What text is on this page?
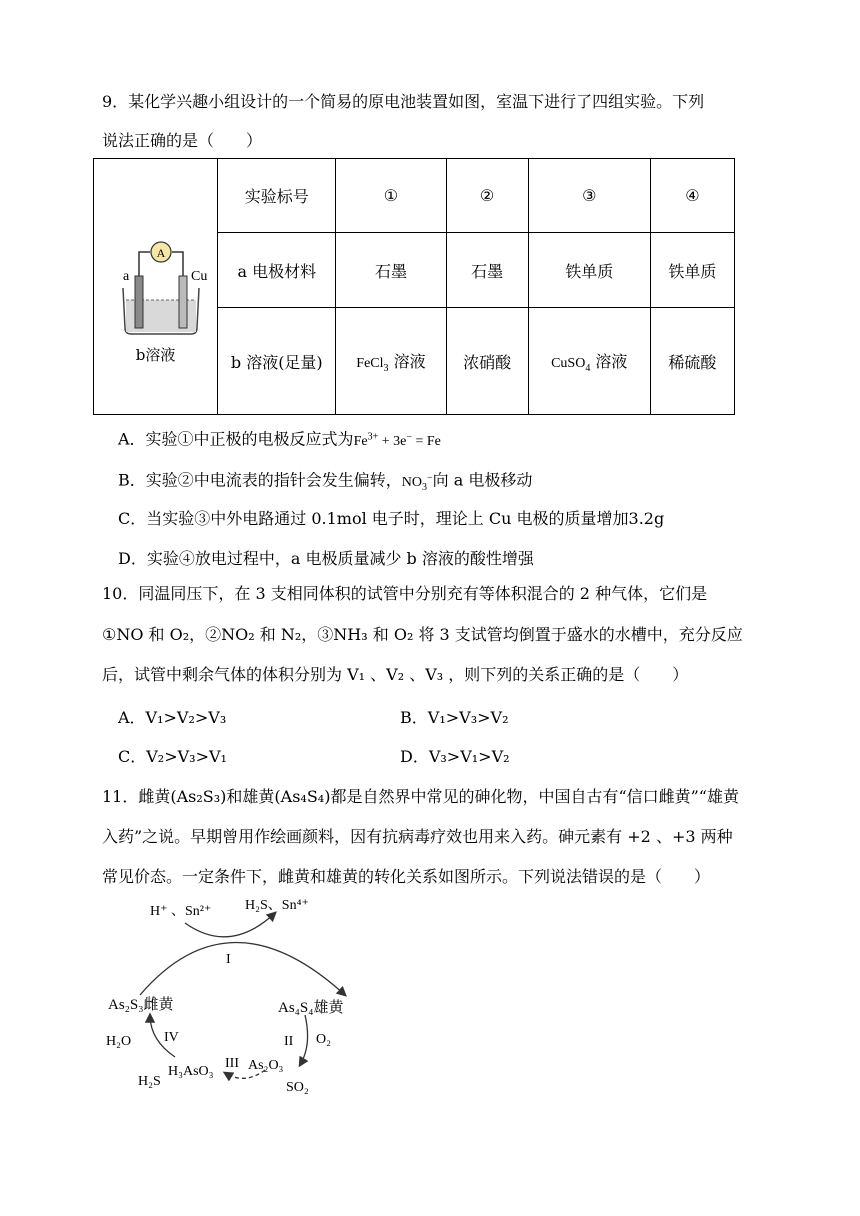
9．某化学兴趣小组设计的一个简易的原电池装置如图，室温下进行了四组实验。下列
说法正确的是（　　）
A
a Cu
b溶液	实验标号	①	②	③	④
	a 电极材料	石墨	石墨	铁单质	铁单质
	b 溶液(足量)	FeCl$_3$ 溶液	浓硝酸	CuSO$_4$ 溶液	稀硫酸
A．实验①中正极的电极反应式为$Fe^{3+} + 3e^- = Fe$
B．实验②中电流表的指针会发生偏转，$NO_3^-$向 a 电极移动
C．当实验③中外电路通过 0.1mol 电子时，理论上 Cu 电极的质量增加3.2g
D．实验④放电过程中，a 电极质量减少 b 溶液的酸性增强
10．同温同压下，在 3 支相同体积的试管中分别充有等体积混合的 2 种气体，它们是
①NO 和 O₂，②NO₂ 和 N₂，③NH₃ 和 O₂ 将 3 支试管均倒置于盛水的水槽中，充分反应
后，试管中剩余气体的体积分别为 V₁ 、V₂ 、V₃ ，则下列的关系正确的是（　　）
A．V₁>V₂>V₃	B．V₁>V₃>V₂
C．V₂>V₃>V₁	D．V₃>V₁>V₂
11．雌黄(As₂S₃)和雄黄(As₄S₄)都是自然界中常见的砷化物，中国自古有“信口雌黄”“雄黄
入药”之说。早期曾用作绘画颜料，因有抗病毒疗效也用来入药。砷元素有 +2 、+3 两种
常见价态。一定条件下，雌黄和雄黄的转化关系如图所示。下列说法错误的是（　　）
H⁺ 、Sn²⁺ H₂S、Sn⁴⁺
I
As₂S₃雌黄	As₄S₄雄黄
II O₂
As₂O₃
SO₂
III
H₃AsO₃
IV
H₂O
H₂S
